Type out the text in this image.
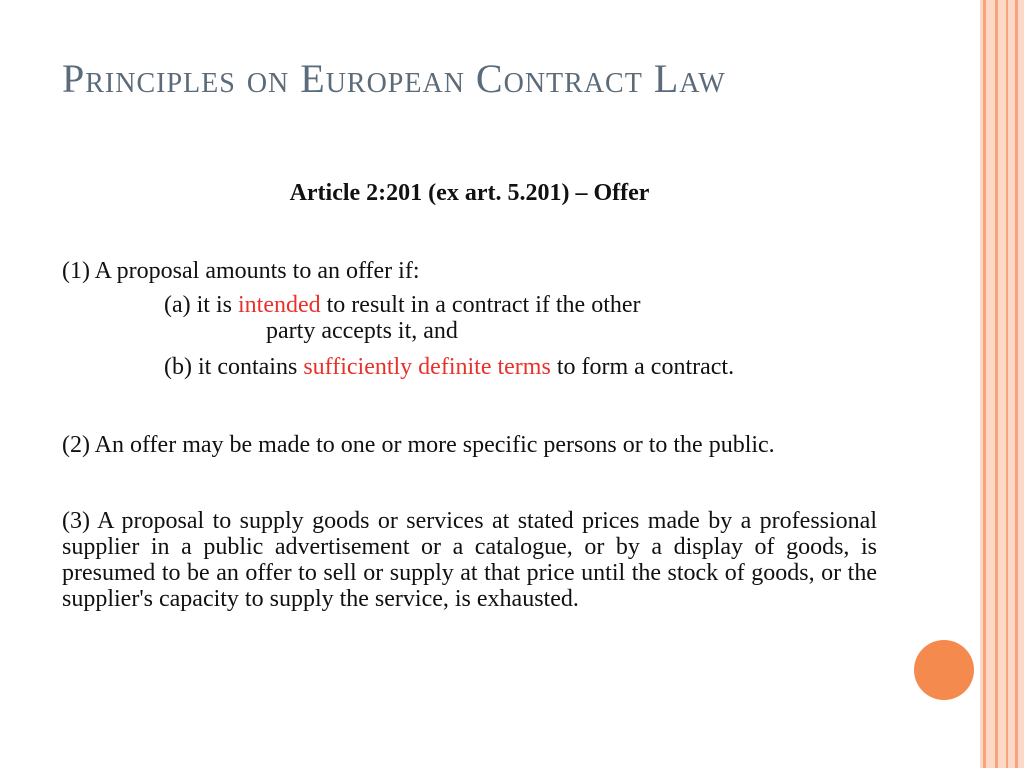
Principles on European Contract Law
Article 2:201 (ex art. 5.201) – Offer

(1) A proposal amounts to an offer if:

(a) it is intended to result in a contract if the other
party accepts it, and

(b) it contains sufficiently definite terms to form a contract.

(2) An offer may be made to one or more specific persons or to the public.

(3) A proposal to supply goods or services at stated prices made by a professional supplier in a public advertisement or a catalogue, or by a display of goods, is presumed to be an offer to sell or supply at that price until the stock of goods, or the supplier's capacity to supply the service, is exhausted.
